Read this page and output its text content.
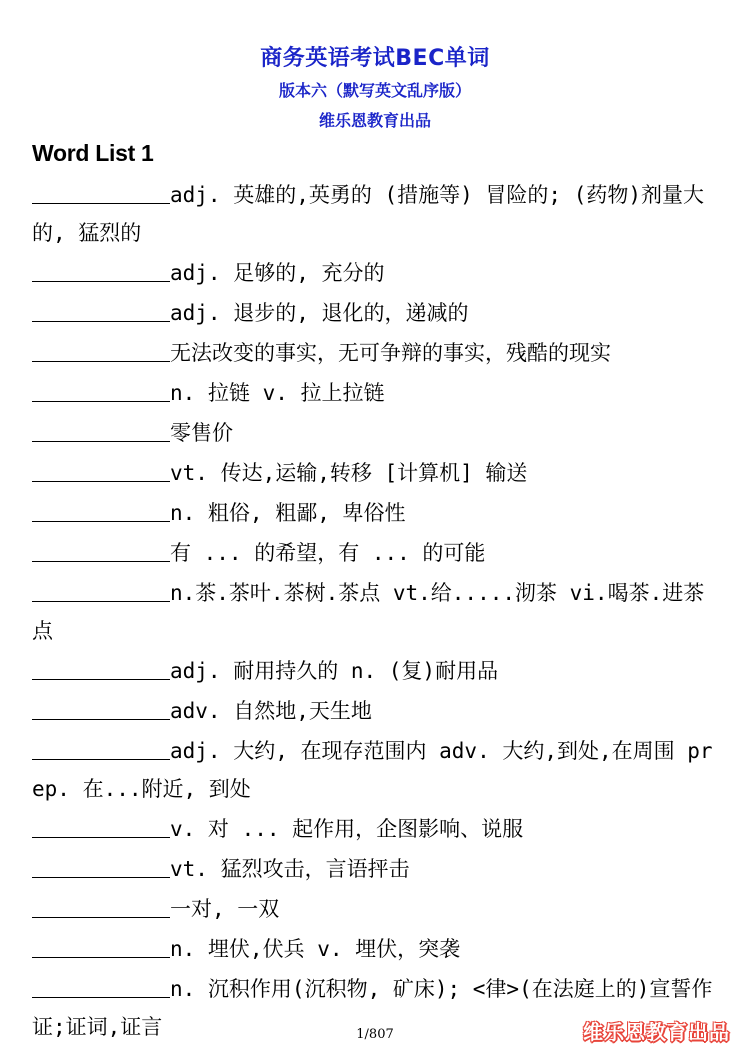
商务英语考试BEC单词
版本六（默写英文乱序版）
维乐恩教育出品
Word List 1
adj. 英雄的,英勇的 (措施等) 冒险的; (药物)剂量大的, 猛烈的
adj. 足够的, 充分的
adj. 退步的, 退化的，递减的
无法改变的事实，无可争辩的事实，残酷的现实
n. 拉链 v. 拉上拉链
零售价
vt. 传达,运输,转移 [计算机] 输送
n. 粗俗, 粗鄙, 卑俗性
有 ... 的希望，有 ... 的可能
n.茶.茶叶.茶树.茶点 vt.给.....沏茶 vi.喝茶.进茶点
adj. 耐用持久的 n. (复)耐用品
adv. 自然地,天生地
adj. 大约, 在现存范围内 adv. 大约,到处,在周围 prep. 在...附近, 到处
v. 对 ... 起作用，企图影响、说服
vt. 猛烈攻击，言语抨击
一对, 一双
n. 埋伏,伏兵 v. 埋伏，突袭
n. 沉积作用(沉积物, 矿床); <律>(在法庭上的)宣誓作证;证词,证言	1/807	维乐恩教育出品
